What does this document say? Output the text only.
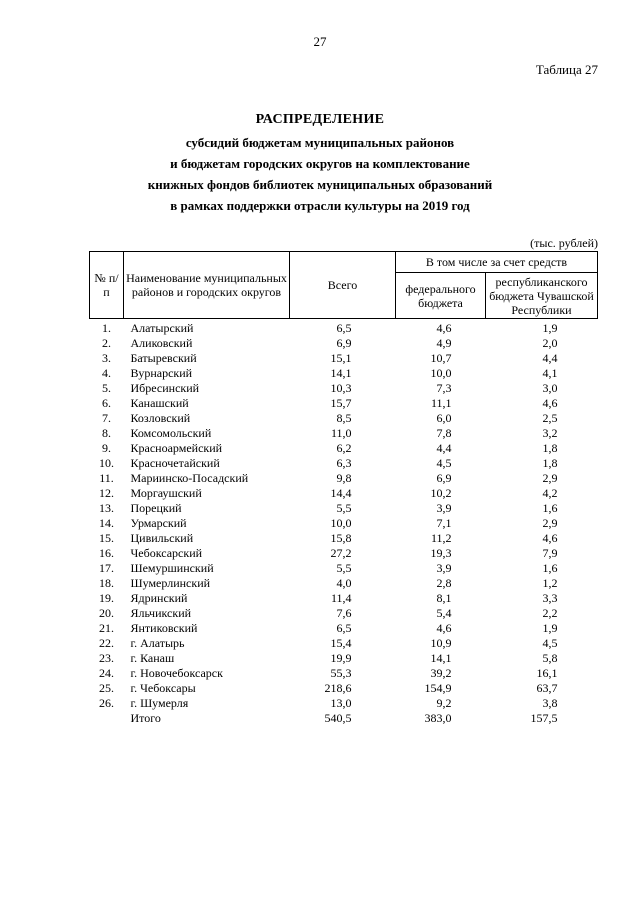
27
Таблица 27
РАСПРЕДЕЛЕНИЕ
субсидий бюджетам муниципальных районов
и бюджетам городских округов на комплектование
книжных фондов библиотек муниципальных образований
в рамках поддержки отрасли культуры на 2019 год
(тыс. рублей)
№ п/п	Наименование муниципальных районов и городских округов	Всего	В том числе за счет средств	
			федерального бюджета	республиканского бюджета Чувашской Республики
1.	Алатырский	6,5	4,6	1,9
2.	Аликовский	6,9	4,9	2,0
3.	Батыревский	15,1	10,7	4,4
4.	Вурнарский	14,1	10,0	4,1
5.	Ибресинский	10,3	7,3	3,0
6.	Канашский	15,7	11,1	4,6
7.	Козловский	8,5	6,0	2,5
8.	Комсомольский	11,0	7,8	3,2
9.	Красноармейский	6,2	4,4	1,8
10.	Красночетайский	6,3	4,5	1,8
11.	Мариинско-Посадский	9,8	6,9	2,9
12.	Моргаушский	14,4	10,2	4,2
13.	Порецкий	5,5	3,9	1,6
14.	Урмарский	10,0	7,1	2,9
15.	Цивильский	15,8	11,2	4,6
16.	Чебоксарский	27,2	19,3	7,9
17.	Шемуршинский	5,5	3,9	1,6
18.	Шумерлинский	4,0	2,8	1,2
19.	Ядринский	11,4	8,1	3,3
20.	Яльчикский	7,6	5,4	2,2
21.	Янтиковский	6,5	4,6	1,9
22.	г. Алатырь	15,4	10,9	4,5
23.	г. Канаш	19,9	14,1	5,8
24.	г. Новочебоксарск	55,3	39,2	16,1
25.	г. Чебоксары	218,6	154,9	63,7
26.	г. Шумерля	13,0	9,2	3,8
	Итого	540,5	383,0	157,5
